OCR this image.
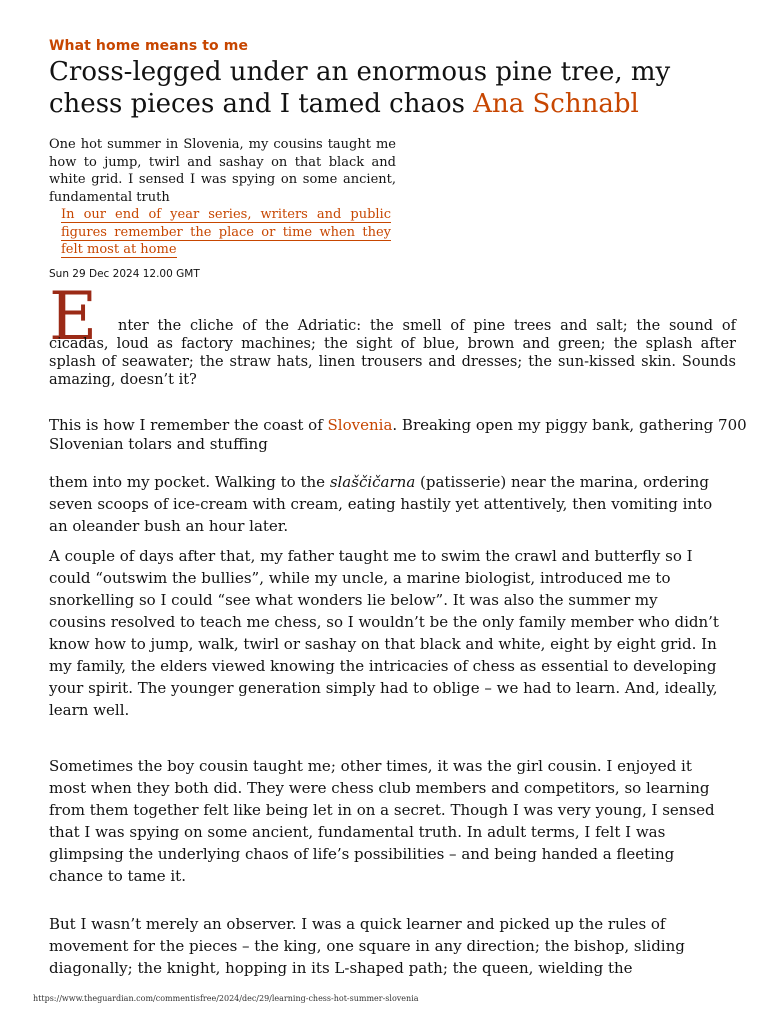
What home means to me
Cross-legged under an enormous pine tree, my chess pieces and I tamed chaos Ana Schnabl

One hot summer in Slovenia, my cousins taught me how to jump, twirl and sashay on that black and white grid. I sensed I was spying on some ancient, fundamental truth

In our end of year series, writers and public figures remember the place or time when they felt most at home

Sun 29 Dec 2024 12.00 GMT
E nter the cliche of the Adriatic: the smell of pine trees and salt; the sound of

cicadas, loud as factory machines; the sight of blue, brown and green; the splash after splash of seawater; the straw hats, linen trousers and dresses; the sun-kissed skin. Sounds amazing, doesn’t it?

This is how I remember the coast of Slovenia. Breaking open my piggy bank, gathering 700 Slovenian tolars and stuffing

them into my pocket. Walking to the slaščičarna (patisserie) near the marina, ordering seven scoops of ice-cream with cream, eating hastily yet attentively, then vomiting into an oleander bush an hour later.

A couple of days after that, my father taught me to swim the crawl and butterfly so I could “outswim the bullies”, while my uncle, a marine biologist, introduced me to snorkelling so I could “see what wonders lie below”. It was also the summer my cousins resolved to teach me chess, so I wouldn’t be the only family member who didn’t know how to jump, walk, twirl or sashay on that black and white, eight by eight grid. In my family, the elders viewed knowing the intricacies of chess as essential to developing your spirit. The younger generation simply had to oblige – we had to learn. And, ideally, learn well.

Sometimes the boy cousin taught me; other times, it was the girl cousin. I enjoyed it most when they both did. They were chess club members and competitors, so learning from them together felt like being let in on a secret. Though I was very young, I sensed that I was spying on some ancient, fundamental truth. In adult terms, I felt I was glimpsing the underlying chaos of life’s possibilities – and being handed a fleeting chance to tame it.

But I wasn’t merely an observer. I was a quick learner and picked up the rules of movement for the pieces – the king, one square in any direction; the bishop, sliding diagonally; the knight, hopping in its L-shaped path; the queen, wielding the

https://www.theguardian.com/commentisfree/2024/dec/29/learning-chess-hot-summer-slovenia
